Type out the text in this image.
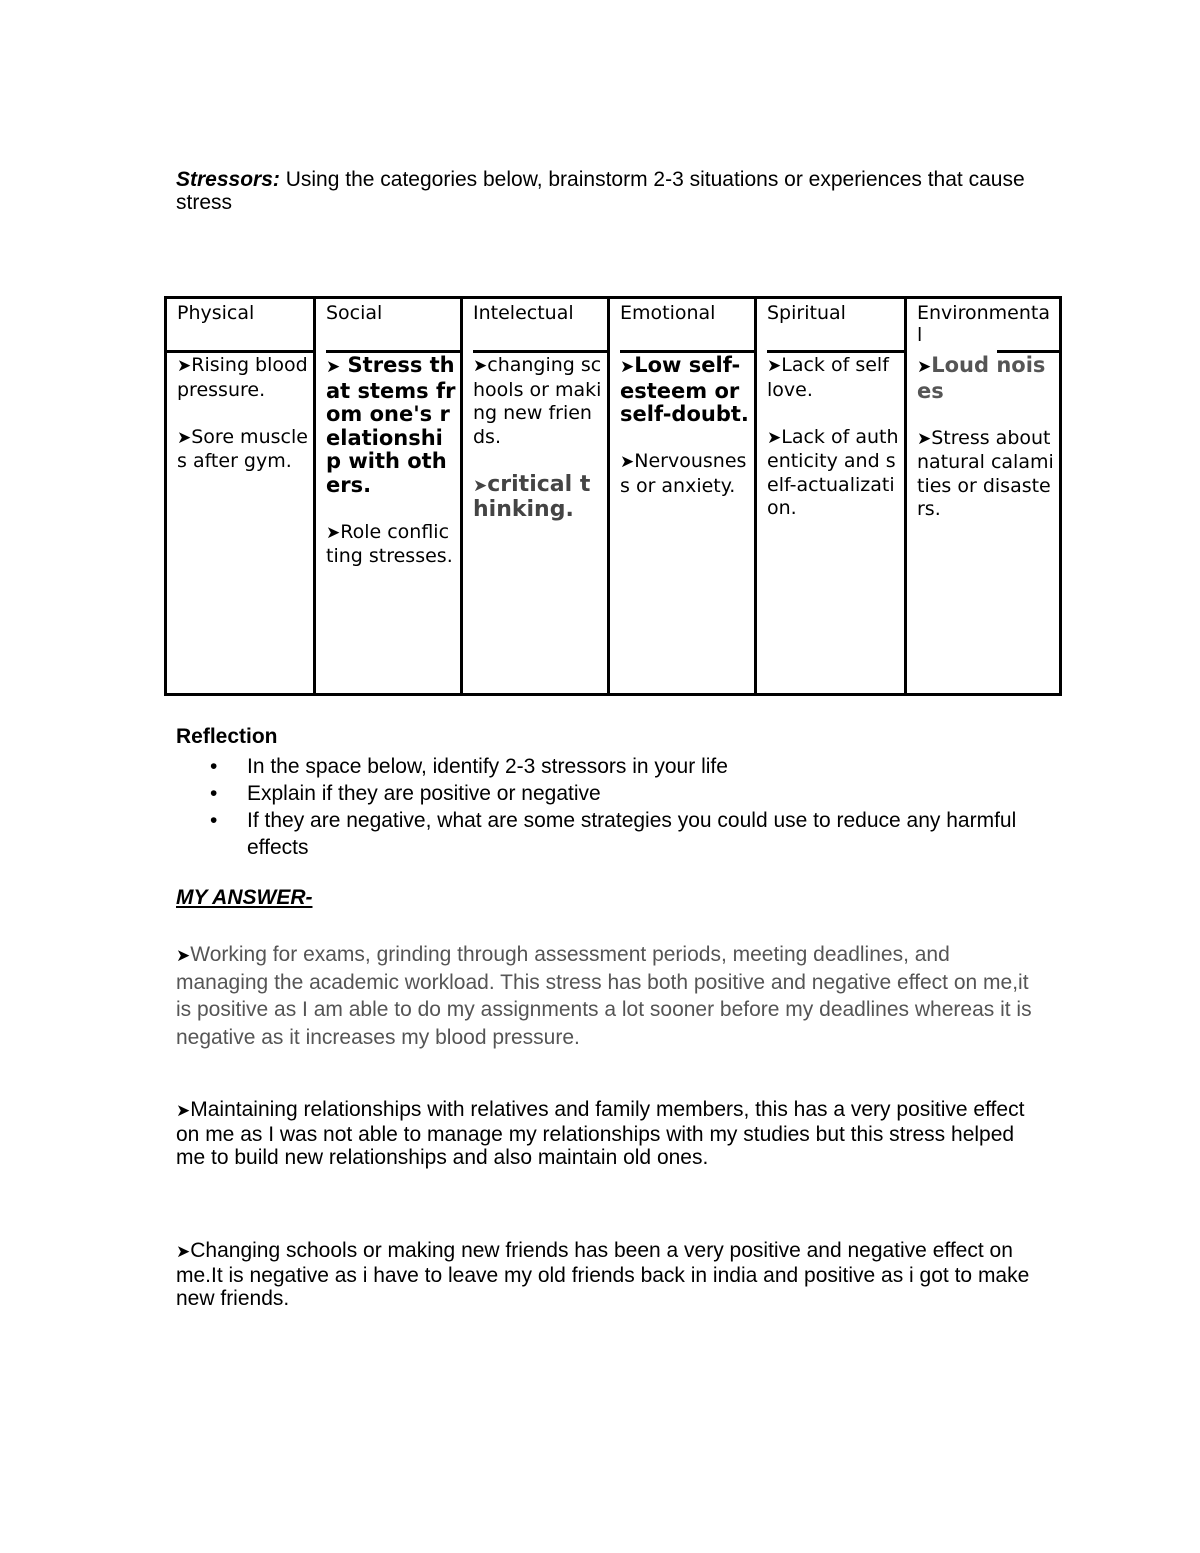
Stressors: Using the categories below, brainstorm 2-3 situations or experiences that cause stress
Physical

➤Rising blood pressure.

➤Sore muscles after gym.

Social

➤ Stress that stems from one's relationship with others.

➤Role conflicting stresses.

Intelectual

➤changing schools or making new friends.

➤critical thinking.

Emotional

➤Low self-esteem or self-doubt.

➤Nervousness or anxiety.

Spiritual

➤Lack of self love.

➤Lack of authenticity and self-actualization.

Environmental

➤Loud noises

➤Stress about natural calamities or disasters.

Reflection
• In the space below, identify 2-3 stressors in your life
• Explain if they are positive or negative
• If they are negative, what are some strategies you could use to reduce any harmful effects
MY ANSWER-
➤Working for exams, grinding through assessment periods, meeting deadlines, and managing the academic workload. This stress has both positive and negative effect on me,it is positive as I am able to do my assignments a lot sooner before my deadlines whereas it is negative as it increases my blood pressure.
➤Maintaining relationships with relatives and family members, this has a very positive effect on me as I was not able to manage my relationships with my studies but this stress helped me to build new relationships and also maintain old ones.
➤Changing schools or making new friends has been a very positive and negative effect on me.It is negative as i have to leave my old friends back in india and positive as i got to make new friends.
